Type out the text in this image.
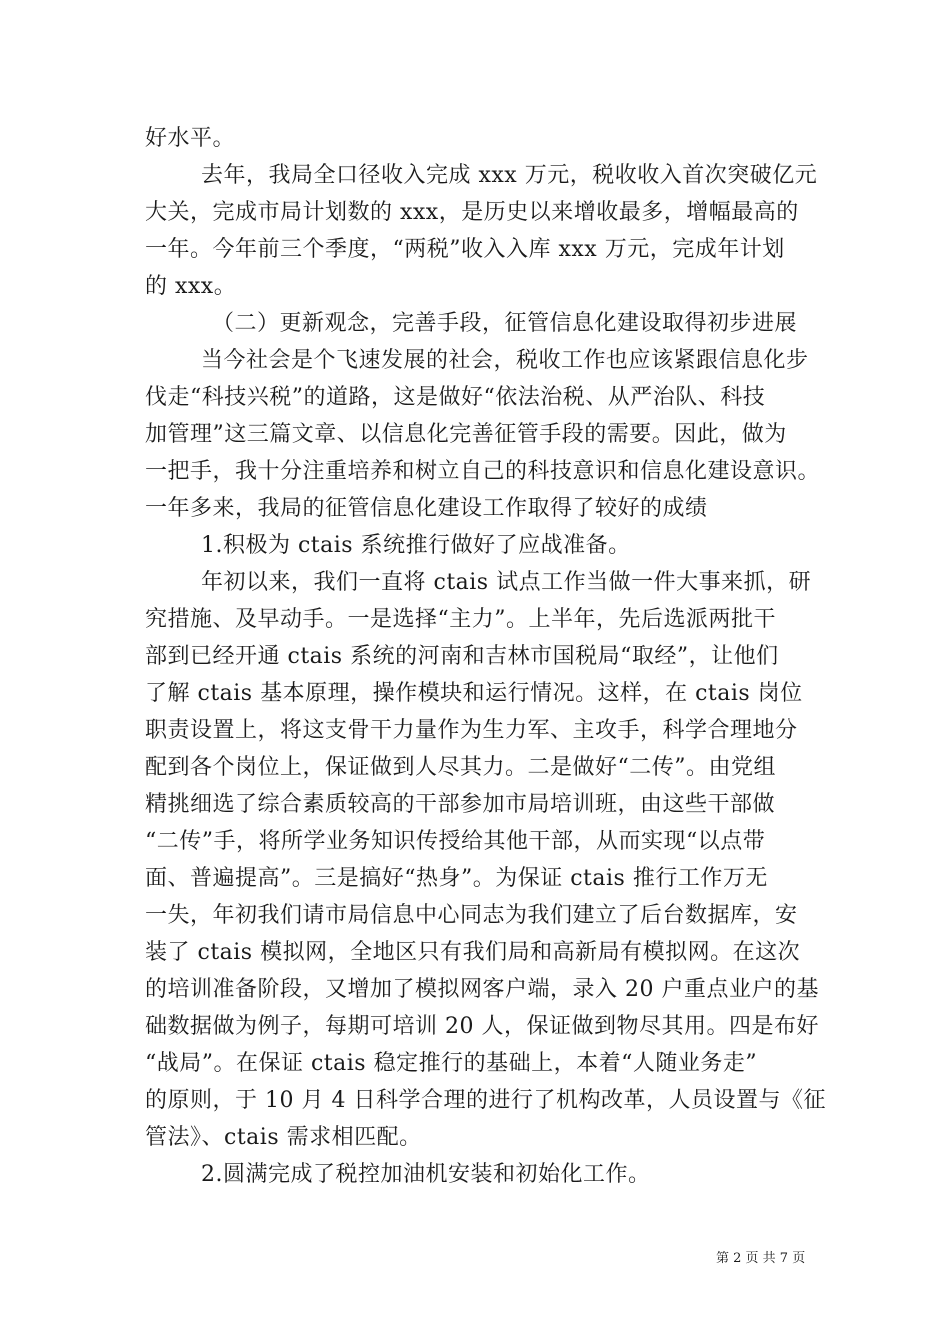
好水平。
去年，我局全口径收入完成 xxx 万元，税收收入首次突破亿元
大关，完成市局计划数的 xxx，是历史以来增收最多，增幅最高的
一年。今年前三个季度，“两税”收入入库 xxx 万元，完成年计划
的 xxx。
（二）更新观念，完善手段，征管信息化建设取得初步进展
当今社会是个飞速发展的社会，税收工作也应该紧跟信息化步
伐走“科技兴税”的道路，这是做好“依法治税、从严治队、科技
加管理”这三篇文章、以信息化完善征管手段的需要。因此，做为
一把手，我十分注重培养和树立自己的科技意识和信息化建设意识。
一年多来，我局的征管信息化建设工作取得了较好的成绩
1.积极为 ctais 系统推行做好了应战准备。
年初以来，我们一直将 ctais 试点工作当做一件大事来抓，研
究措施、及早动手。一是选择“主力”。上半年，先后选派两批干
部到已经开通 ctais 系统的河南和吉林市国税局“取经”，让他们
了解 ctais 基本原理，操作模块和运行情况。这样，在 ctais 岗位
职责设置上，将这支骨干力量作为生力军、主攻手，科学合理地分
配到各个岗位上，保证做到人尽其力。二是做好“二传”。由党组
精挑细选了综合素质较高的干部参加市局培训班，由这些干部做
“二传”手，将所学业务知识传授给其他干部，从而实现“以点带
面、普遍提高”。三是搞好“热身”。为保证 ctais 推行工作万无
一失，年初我们请市局信息中心同志为我们建立了后台数据库，安
装了 ctais 模拟网，全地区只有我们局和高新局有模拟网。在这次
的培训准备阶段，又增加了模拟网客户端，录入 20 户重点业户的基
础数据做为例子，每期可培训 20 人，保证做到物尽其用。四是布好
“战局”。在保证 ctais 稳定推行的基础上，本着“人随业务走”
的原则，于 10 月 4 日科学合理的进行了机构改革，人员设置与《征
管法》、ctais 需求相匹配。
2.圆满完成了税控加油机安装和初始化工作。
第 2 页 共 7 页
